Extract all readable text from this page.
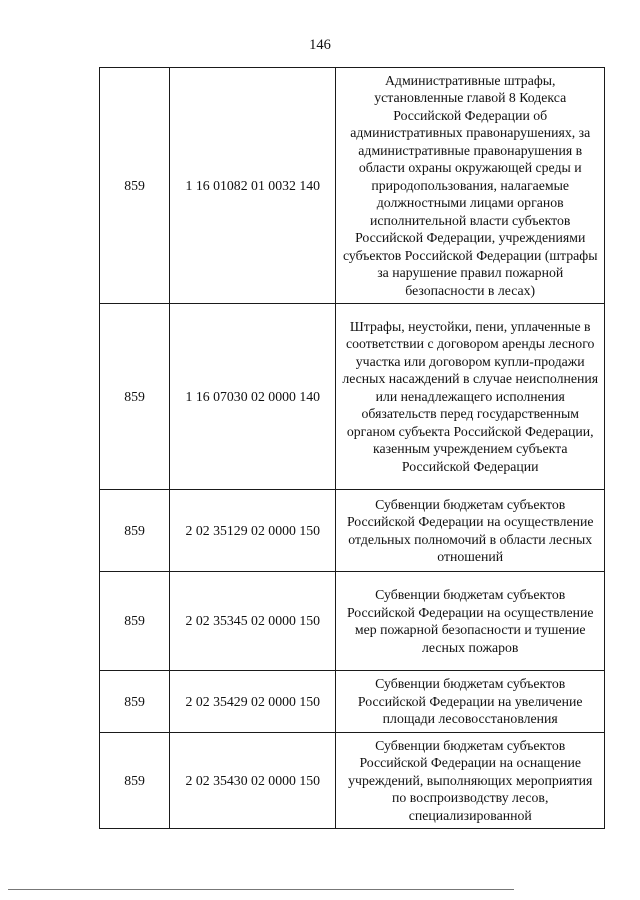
146
859	1 16 01082 01 0032 140	Административные штрафы, установленные главой 8 Кодекса Российской Федерации об административных правонарушениях, за административные правонарушения в области охраны окружающей среды и природопользования, налагаемые должностными лицами органов исполнительной власти субъектов Российской Федерации, учреждениями субъектов Российской Федерации (штрафы за нарушение правил пожарной безопасности в лесах)
859	1 16 07030 02 0000 140	Штрафы, неустойки, пени, уплаченные в соответствии с договором аренды лесного участка или договором купли-продажи лесных насаждений в случае неисполнения или ненадлежащего исполнения обязательств перед государственным органом субъекта Российской Федерации, казенным учреждением субъекта Российской Федерации
859	2 02 35129 02 0000 150	Субвенции бюджетам субъектов Российской Федерации на осуществление отдельных полномочий в области лесных отношений
859	2 02 35345 02 0000 150	Субвенции бюджетам субъектов Российской Федерации на осуществление мер пожарной безопасности и тушение лесных пожаров
859	2 02 35429 02 0000 150	Субвенции бюджетам субъектов Российской Федерации на увеличение площади лесовосстановления
859	2 02 35430 02 0000 150	Субвенции бюджетам субъектов Российской Федерации на оснащение учреждений, выполняющих мероприятия по воспроизводству лесов, специализированной
